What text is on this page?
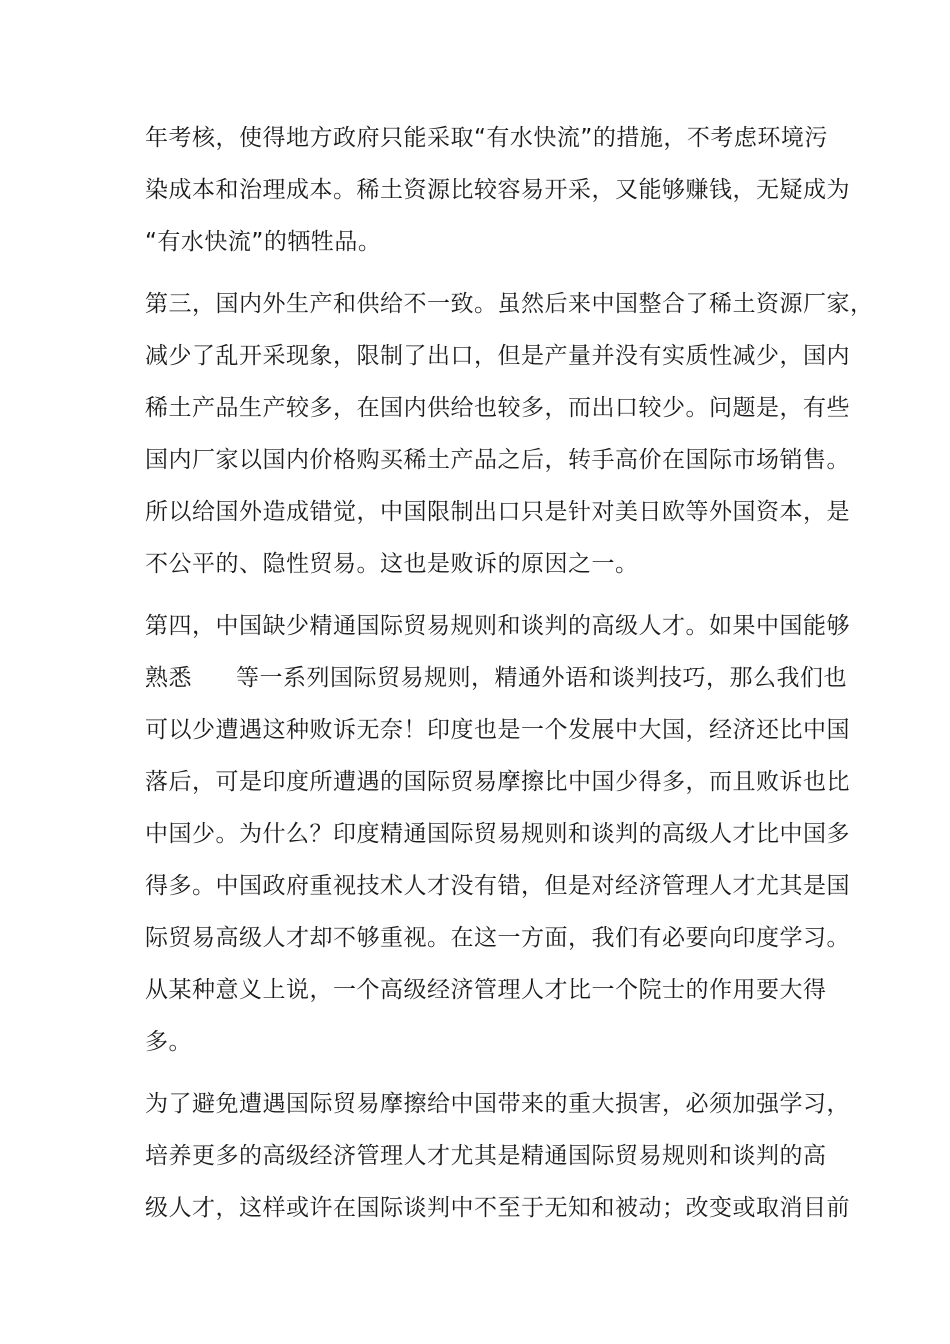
年考核，使得地方政府只能采取“有水快流”的措施，不考虑环境污
染成本和治理成本。稀土资源比较容易开采，又能够赚钱，无疑成为
“有水快流”的牺牲品。
第三，国内外生产和供给不一致。虽然后来中国整合了稀土资源厂家，
减少了乱开采现象，限制了出口，但是产量并没有实质性减少，国内
稀土产品生产较多，在国内供给也较多，而出口较少。问题是，有些
国内厂家以国内价格购买稀土产品之后，转手高价在国际市场销售。
所以给国外造成错觉，中国限制出口只是针对美日欧等外国资本，是
不公平的、隐性贸易。这也是败诉的原因之一。
第四，中国缺少精通国际贸易规则和谈判的高级人才。如果中国能够
熟悉 等一系列国际贸易规则，精通外语和谈判技巧，那么我们也
可以少遭遇这种败诉无奈！印度也是一个发展中大国，经济还比中国
落后，可是印度所遭遇的国际贸易摩擦比中国少得多，而且败诉也比
中国少。为什么？印度精通国际贸易规则和谈判的高级人才比中国多
得多。中国政府重视技术人才没有错，但是对经济管理人才尤其是国
际贸易高级人才却不够重视。在这一方面，我们有必要向印度学习。
从某种意义上说，一个高级经济管理人才比一个院士的作用要大得
多。
为了避免遭遇国际贸易摩擦给中国带来的重大损害，必须加强学习，
培养更多的高级经济管理人才尤其是精通国际贸易规则和谈判的高
级人才，这样或许在国际谈判中不至于无知和被动；改变或取消目前
